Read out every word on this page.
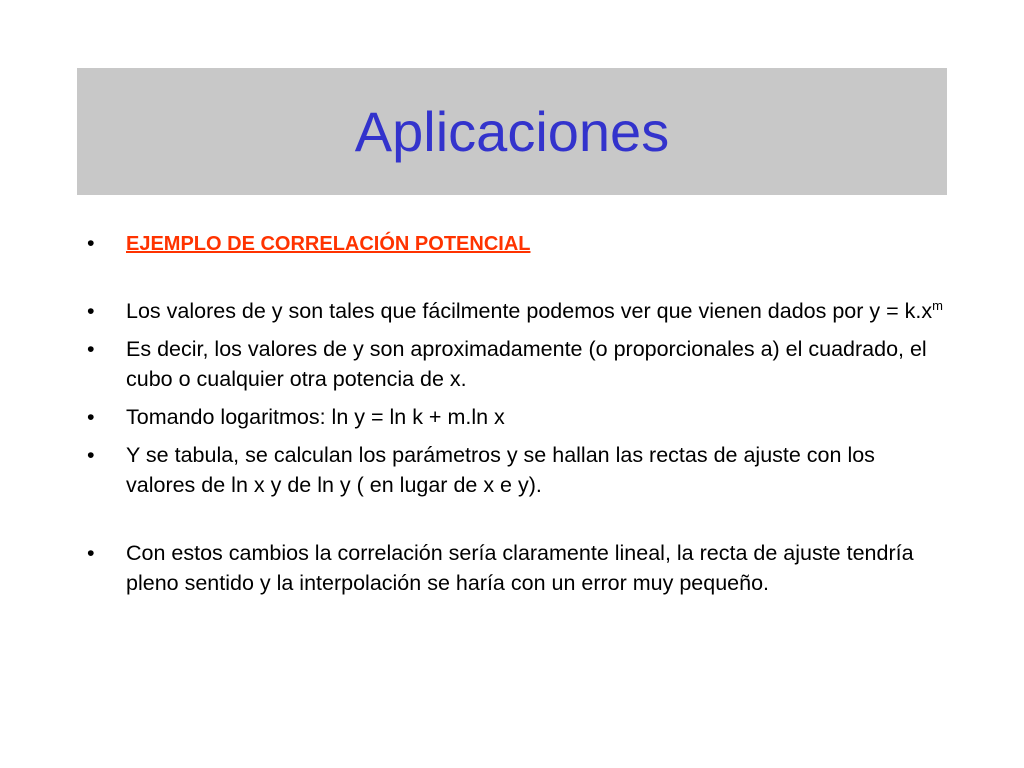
Aplicaciones
• EJEMPLO DE CORRELACIÓN POTENCIAL
• Los valores de y son tales que fácilmente podemos ver que vienen dados por $y = k.x^m$
• Es decir, los valores de y son aproximadamente (o proporcionales a) el cuadrado, el cubo o cualquier otra potencia de x.
• Tomando logaritmos: ln y = ln k + m.ln x
• Y se tabula, se calculan los parámetros y se hallan las rectas de ajuste con los valores de ln x y de ln y ( en lugar de x e y).
• Con estos cambios la correlación sería claramente lineal, la recta de ajuste tendría pleno sentido y la interpolación se haría con un error muy pequeño.
